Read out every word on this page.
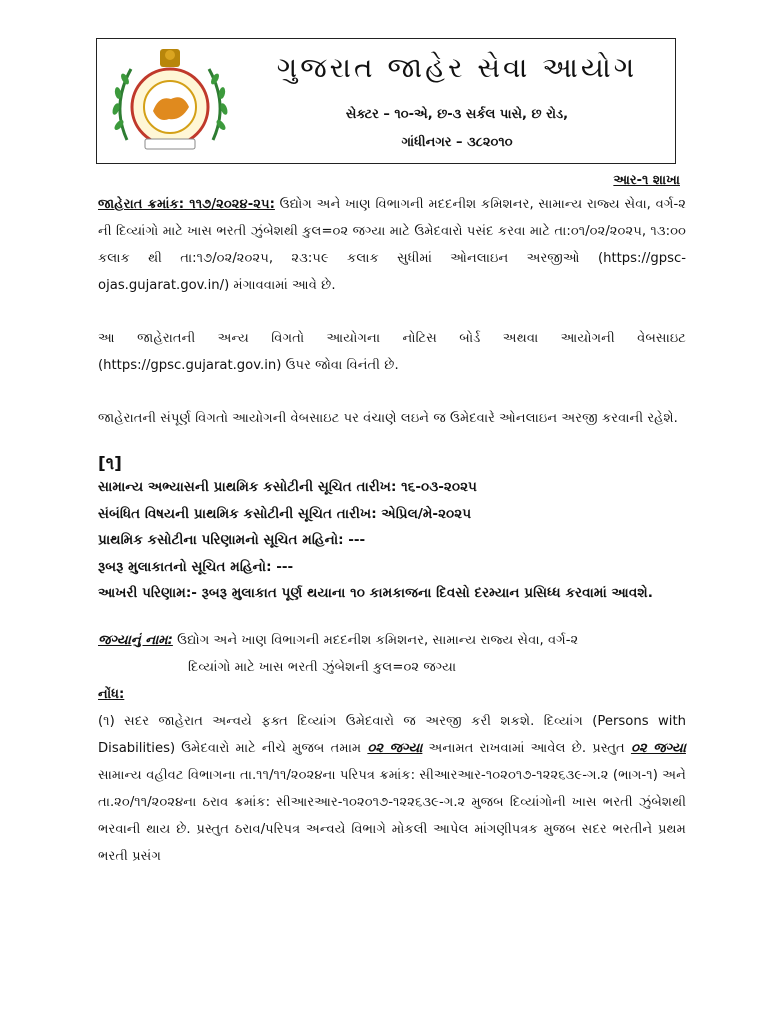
ગુજરાત જાહેર સેવા આયોગ
સેક્ટર – ૧૦-એ, છ-૩ સર્કલ પાસે, છ રોડ,
ગાંધીનગર – ૩૮૨૦૧૦
આર-૧ શાખા

જાહેરાત ક્રમાંક: ૧૧૭/૨૦૨૪-૨૫: ઉદ્યોગ અને ખાણ વિભાગની મદદનીશ કમિશનર, સામાન્ય રાજ્ય સેવા, વર્ગ-૨ ની દિવ્યાંગો માટે ખાસ ભરતી ઝુંબેશથી કુલ=૦૨ જગ્યા માટે ઉમેદવારો પસંદ કરવા માટે તા:૦૧/૦૨/૨૦૨૫, ૧૩:૦૦ કલાક થી તા:૧૭/૦૨/૨૦૨૫, ૨૩:૫૯ કલાક સુધીમાં ઓનલાઇન અરજીઓ (https://gpsc-ojas.gujarat.gov.in/) મંગાવવામાં આવે છે.

આ જાહેરાતની અન્ય વિગતો આયોગના નોટિસ બોર્ડ અથવા આયોગની વેબસાઇટ (https://gpsc.gujarat.gov.in) ઉપર જોવા વિનંતી છે.

જાહેરાતની સંપૂર્ણ વિગતો આયોગની વેબસાઇટ પર વંચાણે લઇને જ ઉમેદવારે ઓનલાઇન અરજી કરવાની રહેશે.

[૧]
સામાન્ય અભ્યાસની પ્રાથમિક કસોટીની સૂચિત તારીખ: ૧૬-૦૩-૨૦૨૫
સંબંધિત વિષયની પ્રાથમિક કસોટીની સૂચિત તારીખ: એપ્રિલ/મે-૨૦૨૫
પ્રાથમિક કસોટીના પરિણામનો સૂચિત મહિનો: ---
રૂબરૂ મુલાકાતનો સૂચિત મહિનો: ---
આખરી પરિણામ:- રૂબરૂ મુલાકાત પૂર્ણ થયાના ૧૦ કામકાજના દિવસો દરમ્યાન પ્રસિધ્ધ કરવામાં આવશે.

જગ્યાનું નામ: ઉદ્યોગ અને ખાણ વિભાગની મદદનીશ કમિશનર, સામાન્ય રાજ્ય સેવા, વર્ગ-૨

દિવ્યાંગો માટે ખાસ ભરતી ઝુંબેશની કુલ=૦૨ જગ્યા

નોંધ:

(૧) સદર જાહેરાત અન્વયે ફક્ત દિવ્યાંગ ઉમેદવારો જ અરજી કરી શકશે. દિવ્યાંગ (Persons with Disabilities) ઉમેદવારો માટે નીચે મુજબ તમામ ૦૨ જગ્યા અનામત રાખવામાં આવેલ છે. પ્રસ્તુત ૦૨ જગ્યા સામાન્ય વહીવટ વિભાગના તા.૧૧/૧૧/૨૦૨૪ના પરિપત્ર ક્રમાંક: સીઆરઆર-૧૦૨૦૧૭-૧૨૨૬૩૯-ગ.૨ (ભાગ-૧) અને તા.૨૦/૧૧/૨૦૨૪ના ઠરાવ ક્રમાંક: સીઆરઆર-૧૦૨૦૧૭-૧૨૨૬૩૯-ગ.૨ મુજબ દિવ્યાંગોની ખાસ ભરતી ઝુંબેશથી ભરવાની થાય છે. પ્રસ્તુત ઠરાવ/પરિપત્ર અન્વયે વિભાગે મોકલી આપેલ માંગણીપત્રક મુજબ સદર ભરતીને પ્રથમ ભરતી પ્રસંગ
